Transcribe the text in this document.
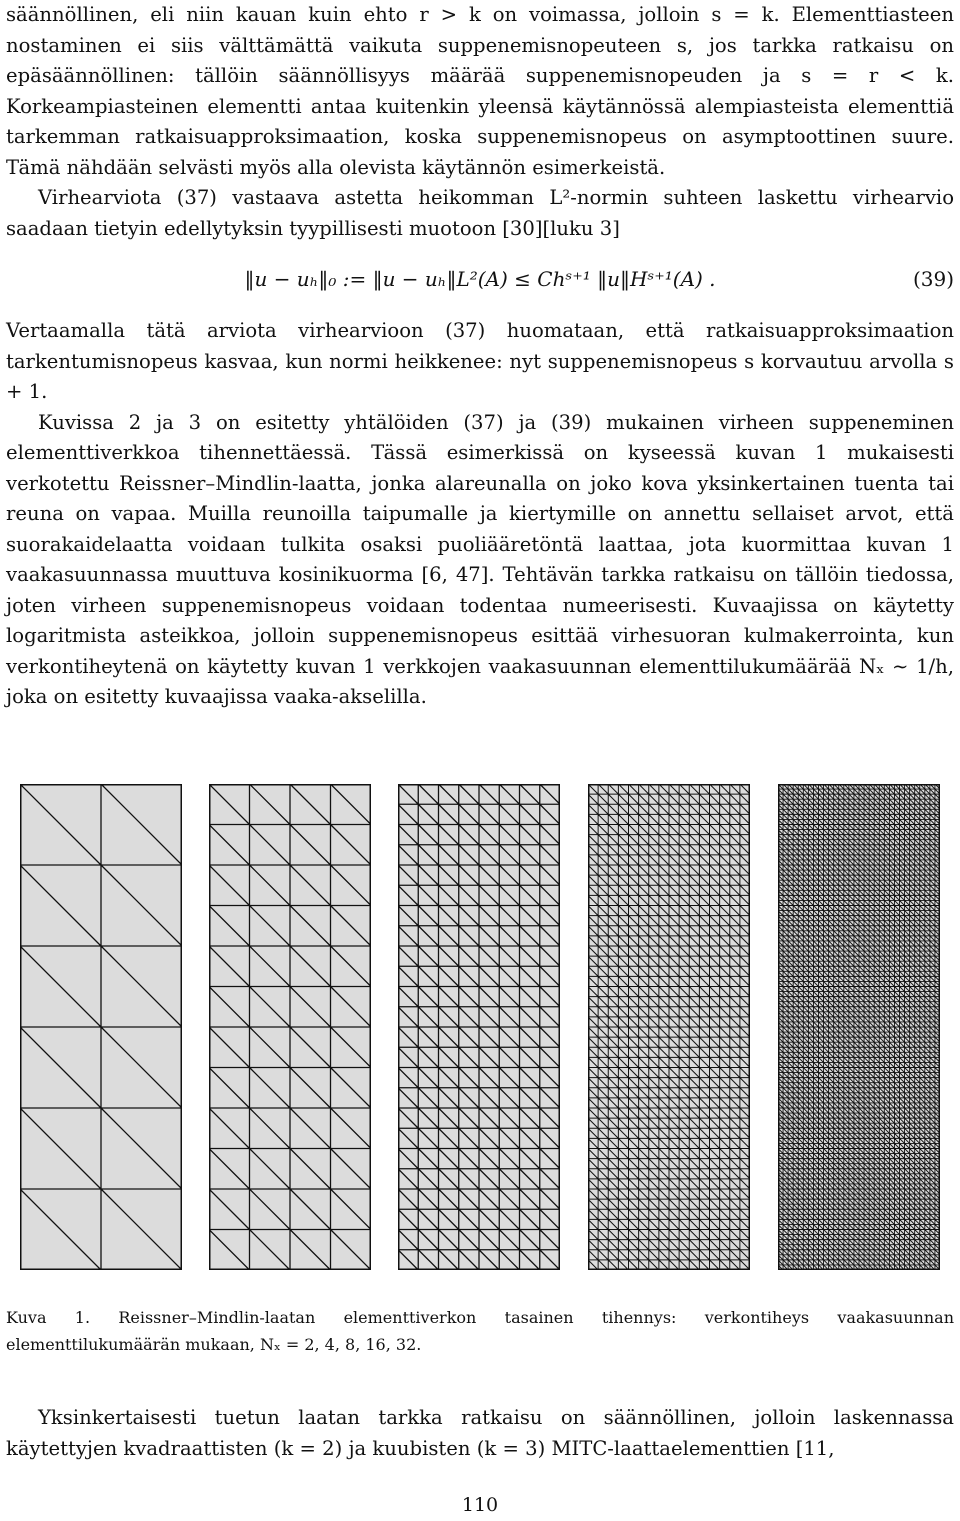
säännöllinen, eli niin kauan kuin ehto r > k on voimassa, jolloin s = k. Elementtiasteen nostaminen ei siis välttämättä vaikuta suppenemisnopeuteen s, jos tarkka ratkaisu on epäsäännöllinen: tällöin säännöllisyys määrää suppenemisnopeuden ja s = r < k. Korkeampiasteinen elementti antaa kuitenkin yleensä käytännössä alempiasteista elementtiä tarkemman ratkaisuapproksimaation, koska suppenemisnopeus on asymptoottinen suure. Tämä nähdään selvästi myös alla olevista käytännön esimerkeistä.

Virhearviota (37) vastaava astetta heikomman L²-normin suhteen laskettu virhearvio saadaan tietyin edellytyksin tyypillisesti muotoon [30][luku 3]

‖u − uₕ‖₀ := ‖u − uₕ‖L²(A) ≤ Chˢ⁺¹ ‖u‖Hˢ⁺¹(A) .	(39)

Vertaamalla tätä arviota virhearvioon (37) huomataan, että ratkaisuapproksimaation tarkentumisnopeus kasvaa, kun normi heikkenee: nyt suppenemisnopeus s korvautuu arvolla s + 1.

Kuvissa 2 ja 3 on esitetty yhtälöiden (37) ja (39) mukainen virheen suppeneminen elementtiverkkoa tihennettäessä. Tässä esimerkissä on kyseessä kuvan 1 mukaisesti verkotettu Reissner–Mindlin-laatta, jonka alareunalla on joko kova yksinkertainen tuenta tai reuna on vapaa. Muilla reunoilla taipumalle ja kiertymille on annettu sellaiset arvot, että suorakaidelaatta voidaan tulkita osaksi puoliääretöntä laattaa, jota kuormittaa kuvan 1 vaakasuunnassa muuttuva kosinikuorma [6, 47]. Tehtävän tarkka ratkaisu on tällöin tiedossa, joten virheen suppenemisnopeus voidaan todentaa numeerisesti. Kuvaajissa on käytetty logaritmista asteikkoa, jolloin suppenemisnopeus esittää virhesuoran kulmakerrointa, kun verkontiheytenä on käytetty kuvan 1 verkkojen vaakasuunnan elementtilukumäärää Nₓ ∼ 1/h, joka on esitetty kuvaajissa vaaka-akselilla.

Kuva 1. Reissner–Mindlin-laatan elementtiverkon tasainen tihennys: verkontiheys vaakasuunnan elementtilukumäärän mukaan, Nₓ = 2, 4, 8, 16, 32.

Yksinkertaisesti tuetun laatan tarkka ratkaisu on säännöllinen, jolloin laskennassa käytettyjen kvadraattisten (k = 2) ja kuubisten (k = 3) MITC-laattaelementtien [11,

110
